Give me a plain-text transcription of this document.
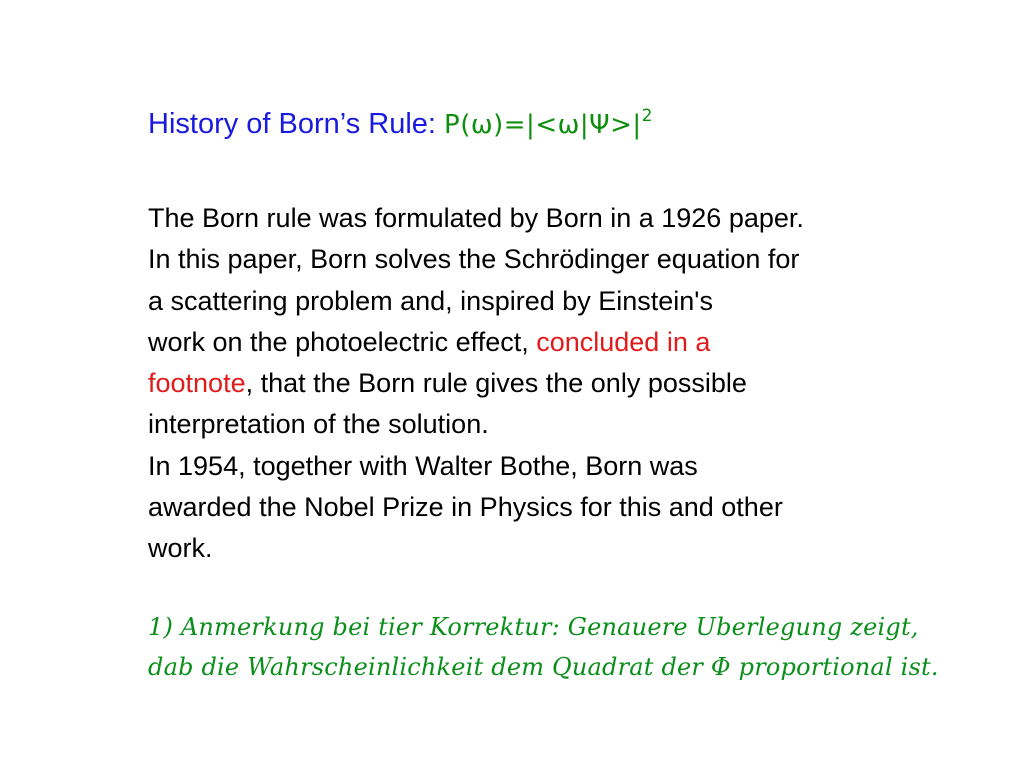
History of Born’s Rule: $P(\omega)=|<\omega|\Psi>|^2$
The Born rule was formulated by Born in a 1926 paper.
In this paper, Born solves the Schrödinger equation for
a scattering problem and, inspired by Einstein's
work on the photoelectric effect, concluded in a
footnote, that the Born rule gives the only possible
interpretation of the solution.
In 1954, together with Walter Bothe, Born was
awarded the Nobel Prize in Physics for this and other
work.
1) Anmerkung bei tier Korrektur: Genauere Uberlegung zeigt,
dab die Wahrscheinlichkeit dem Quadrat der Φ proportional ist.
